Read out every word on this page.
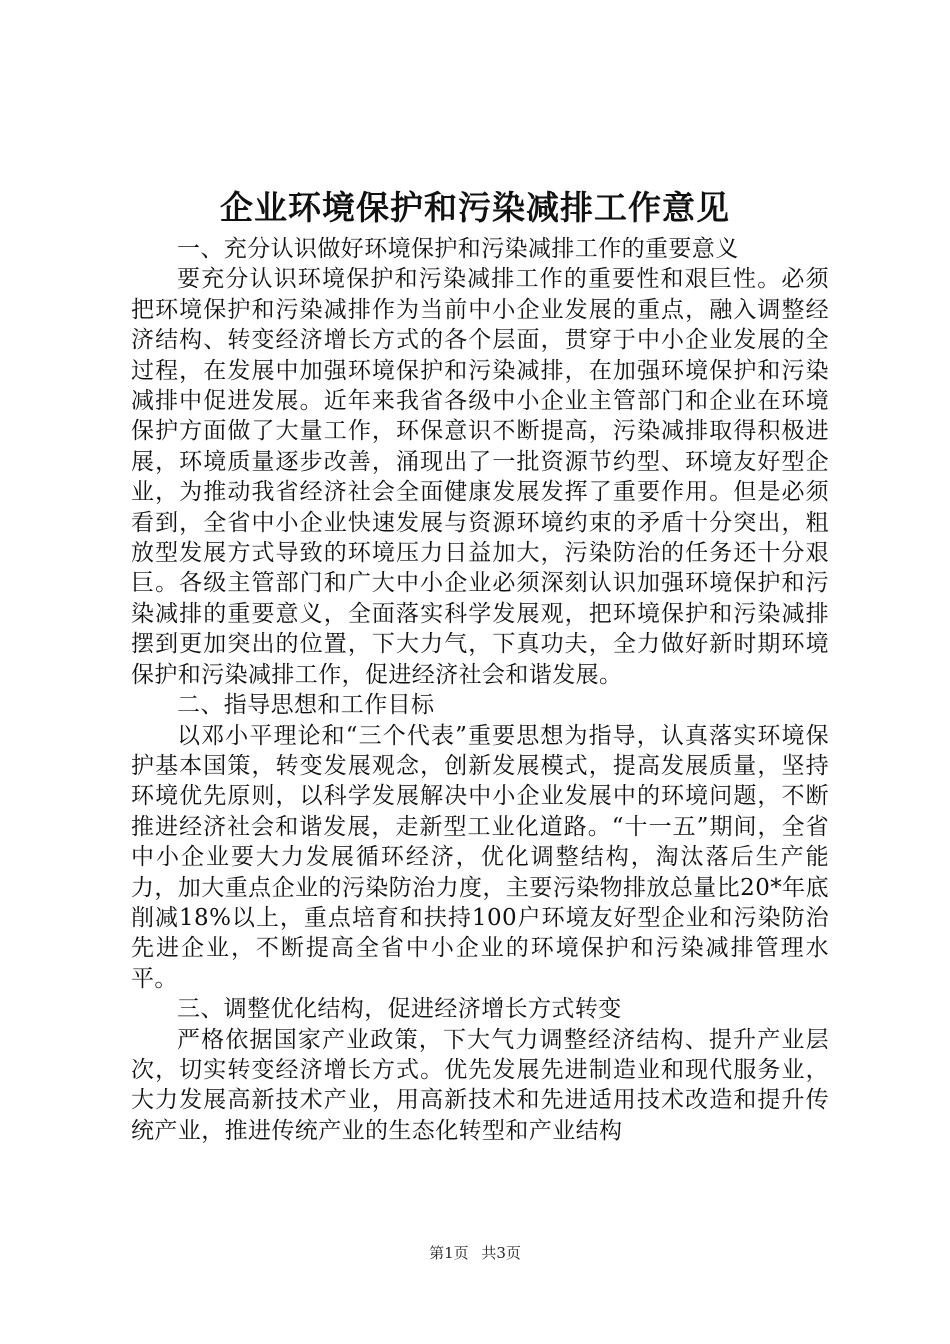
企业环境保护和污染减排工作意见

一、充分认识做好环境保护和污染减排工作的重要意义

要充分认识环境保护和污染减排工作的重要性和艰巨性。必须把环境保护和污染减排作为当前中小企业发展的重点，融入调整经济结构、转变经济增长方式的各个层面，贯穿于中小企业发展的全过程，在发展中加强环境保护和污染减排，在加强环境保护和污染减排中促进发展。近年来我省各级中小企业主管部门和企业在环境保护方面做了大量工作，环保意识不断提高，污染减排取得积极进展，环境质量逐步改善，涌现出了一批资源节约型、环境友好型企业，为推动我省经济社会全面健康发展发挥了重要作用。但是必须看到，全省中小企业快速发展与资源环境约束的矛盾十分突出，粗放型发展方式导致的环境压力日益加大，污染防治的任务还十分艰巨。各级主管部门和广大中小企业必须深刻认识加强环境保护和污染减排的重要意义，全面落实科学发展观，把环境保护和污染减排摆到更加突出的位置，下大力气，下真功夫，全力做好新时期环境保护和污染减排工作，促进经济社会和谐发展。

二、指导思想和工作目标

以邓小平理论和“三个代表”重要思想为指导，认真落实环境保护基本国策，转变发展观念，创新发展模式，提高发展质量，坚持环境优先原则，以科学发展解决中小企业发展中的环境问题，不断推进经济社会和谐发展，走新型工业化道路。“十一五”期间，全省中小企业要大力发展循环经济，优化调整结构，淘汰落后生产能力，加大重点企业的污染防治力度，主要污染物排放总量比20*年底削减18%以上，重点培育和扶持100户环境友好型企业和污染防治先进企业，不断提高全省中小企业的环境保护和污染减排管理水平。

三、调整优化结构，促进经济增长方式转变

严格依据国家产业政策，下大气力调整经济结构、提升产业层次，切实转变经济增长方式。优先发展先进制造业和现代服务业，大力发展高新技术产业，用高新技术和先进适用技术改造和提升传统产业，推进传统产业的生态化转型和产业结构

第1页 共3页
